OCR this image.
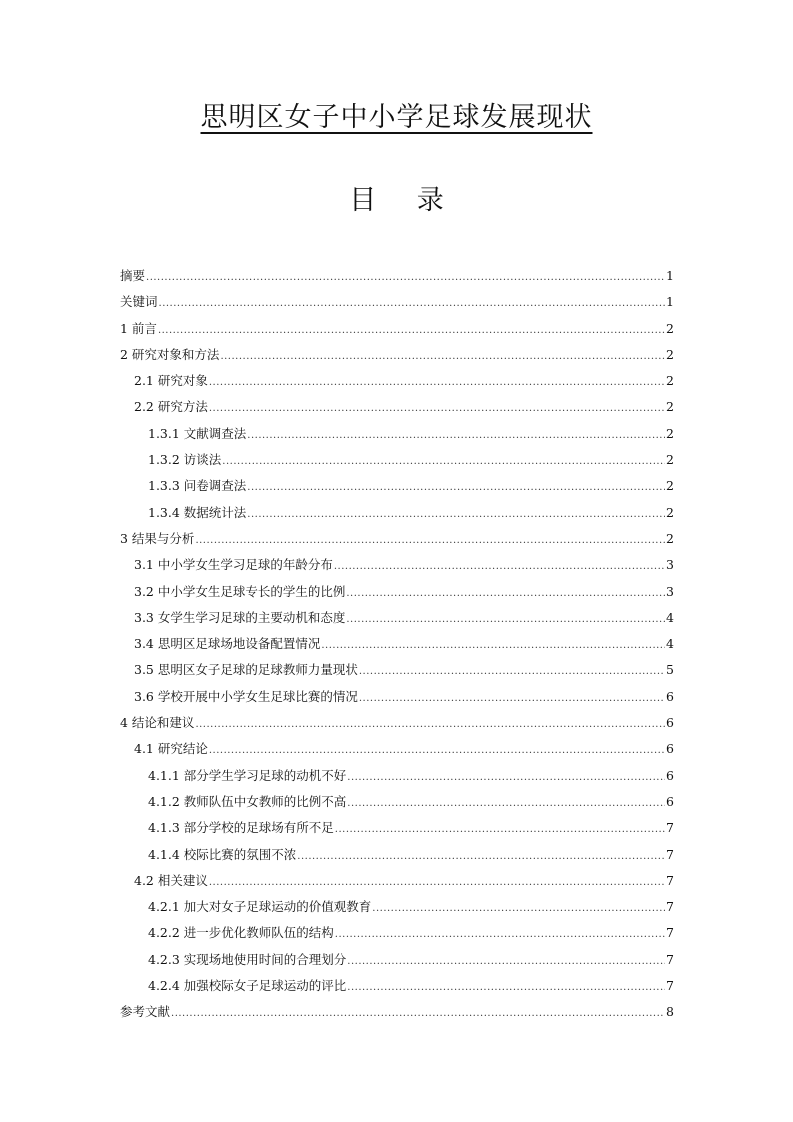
思明区女子中小学足球发展现状
目 录
摘要 .....	1
关键词 .....	1
1 前言 .....	2
2 研究对象和方法 .....	2
2.1 研究对象 .....	2
2.2 研究方法 .....	2
1.3.1 文献调查法 .....	2
1.3.2 访谈法 .....	2
1.3.3 问卷调查法 .....	2
1.3.4 数据统计法 .....	2
3 结果与分析 .....	2
3.1 中小学女生学习足球的年龄分布 .....	3
3.2 中小学女生足球专长的学生的比例 .....	3
3.3 女学生学习足球的主要动机和态度 .....	4
3.4 思明区足球场地设备配置情况 .....	4
3.5 思明区女子足球的足球教师力量现状 .....	5
3.6 学校开展中小学女生足球比赛的情况 .....	6
4 结论和建议 .....	6
4.1 研究结论 .....	6
4.1.1 部分学生学习足球的动机不好 .....	6
4.1.2 教师队伍中女教师的比例不高 .....	6
4.1.3 部分学校的足球场有所不足 .....	7
4.1.4 校际比赛的氛围不浓 .....	7
4.2 相关建议 .....	7
4.2.1 加大对女子足球运动的价值观教育 .....	7
4.2.2 进一步优化教师队伍的结构 .....	7
4.2.3 实现场地使用时间的合理划分 .....	7
4.2.4 加强校际女子足球运动的评比 .....	7
参考文献 .....	8
